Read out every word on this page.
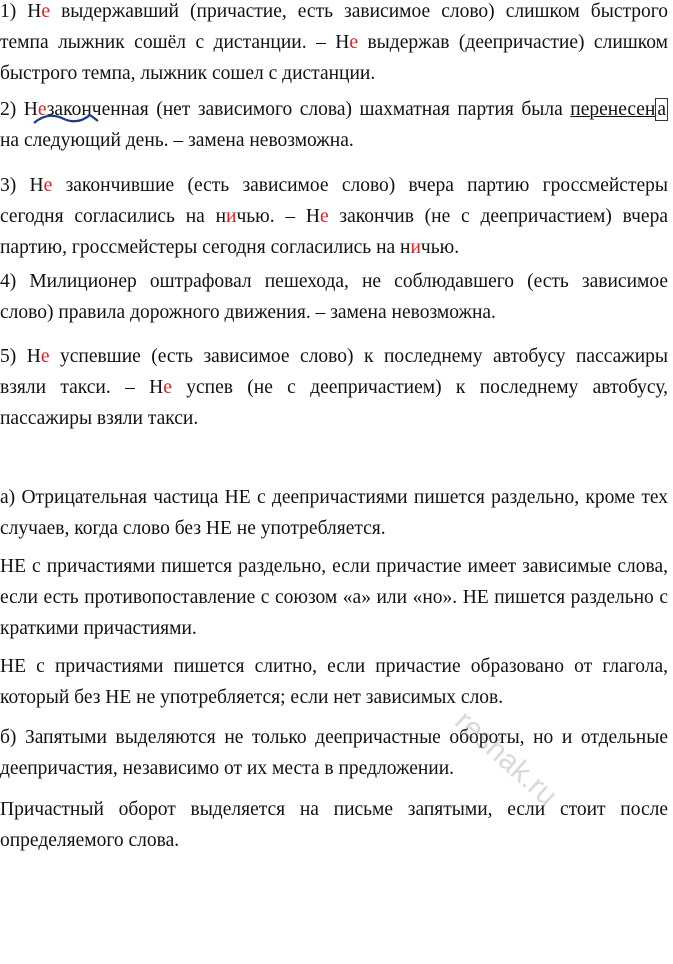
1) Не выдержавший (причастие, есть зависимое слово) слишком быстрого темпа лыжник сошёл с дистанции. – Не выдержав (деепричастие) слишком быстрого темпа, лыжник сошел с дистанции.

2) Незаконченная (нет зависимого слова) шахматная партия была перенесен а на следующий день. – замена невозможна.

3) Не закончившие (есть зависимое слово) вчера партию гроссмейстеры сегодня согласились на ничью. – Не закончив (не с деепричастием) вчера партию, гроссмейстеры сегодня согласились на ничью.

4) Милиционер оштрафовал пешехода, не соблюдавшего (есть зависимое слово) правила дорожного движения. – замена невозможна.

5) Не успевшие (есть зависимое слово) к последнему автобусу пассажиры взяли такси. – Не успев (не с деепричастием) к последнему автобусу, пассажиры взяли такси.

а) Отрицательная частица НЕ с деепричастиями пишется раздельно, кроме тех случаев, когда слово без НЕ не употребляется.

НЕ с причастиями пишется раздельно, если причастие имеет зависимые слова, если есть противопоставление с союзом «а» или «но». НЕ пишется раздельно с краткими причастиями.

НЕ с причастиями пишется слитно, если причастие образовано от глагола, который без НЕ не употребляется; если нет зависимых слов.

б) Запятыми выделяются не только деепричастные обороты, но и отдельные деепричастия, независимо от их места в предложении.

Причастный оборот выделяется на письме запятыми, если стоит после определяемого слова.

reshak.ru
